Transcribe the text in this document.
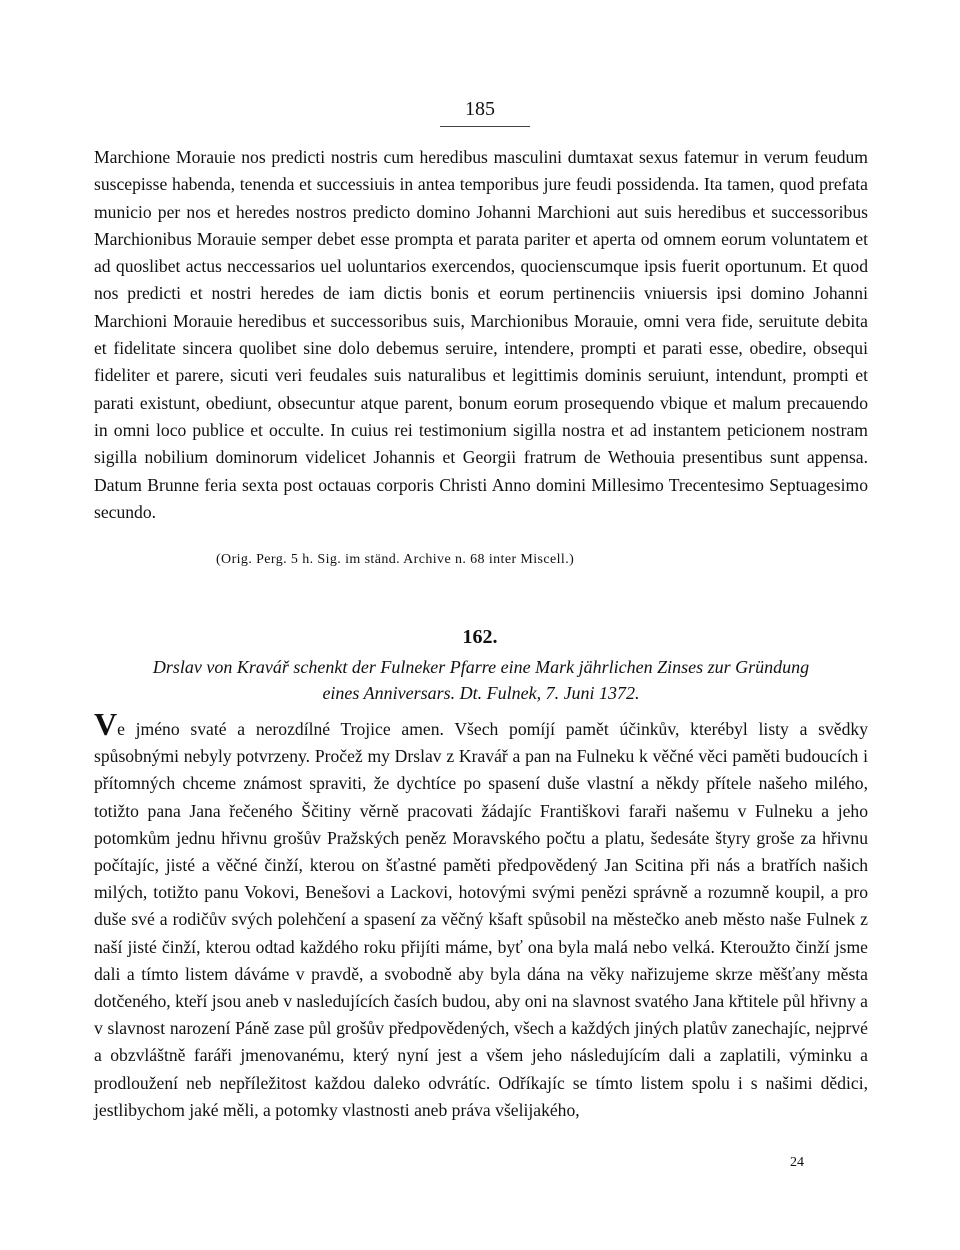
185
Marchione Morauie nos predicti nostris cum heredibus masculini dumtaxat sexus fatemur in verum feudum suscepisse habenda, tenenda et successiuis in antea temporibus jure feudi possidenda. Ita tamen, quod prefata municio per nos et heredes nostros predicto domino Johanni Marchioni aut suis heredibus et successoribus Marchionibus Morauie semper debet esse prompta et parata pariter et aperta od omnem eorum voluntatem et ad quoslibet actus neccessarios uel uoluntarios exercendos, quocienscumque ipsis fuerit oportunum. Et quod nos predicti et nostri heredes de iam dictis bonis et eorum pertinenciis vniuersis ipsi domino Johanni Marchioni Morauie heredibus et successoribus suis, Marchionibus Morauie, omni vera fide, seruitute debita et fidelitate sincera quolibet sine dolo debemus seruire, intendere, prompti et parati esse, obedire, obsequi fideliter et parere, sicuti veri feudales suis naturalibus et legittimis dominis seruiunt, intendunt, prompti et parati existunt, obediunt, obsecuntur atque parent, bonum eorum prosequendo vbique et malum precauendo in omni loco publice et occulte. In cuius rei testimonium sigilla nostra et ad instantem peticionem nostram sigilla nobilium dominorum videlicet Johannis et Georgii fratrum de Wethouia presentibus sunt appensa. Datum Brunne feria sexta post octauas corporis Christi Anno domini Millesimo Trecentesimo Septuagesimo secundo.
(Orig. Perg. 5 h. Sig. im ständ. Archive n. 68 inter Miscell.)
162.
Drslav von Kravář schenkt der Fulneker Pfarre eine Mark jährlichen Zinses zur Gründung
eines Anniversars. Dt. Fulnek, 7. Juni 1372.
Ve jméno svaté a nerozdílné Trojice amen. Všech pomíjí pamět účinkův, kterébyl listy a svědky spůsobnými nebyly potvrzeny. Pročež my Drslav z Kravář a pan na Fulneku k věčné věci paměti budoucích i přítomných chceme známost spraviti, že dychtíce po spasení duše vlastní a někdy přítele našeho milého, totižto pana Jana řečeného Ščitiny věrně pracovati žádajíc Františkovi faraři našemu v Fulneku a jeho potomkům jednu hřivnu grošův Pražských peněz Moravského počtu a platu, šedesáte štyry groše za hřivnu počítajíc, jisté a věčné činží, kterou on šťastné paměti předpovědený Jan Scitina při nás a bratřích našich milých, totižto panu Vokovi, Benešovi a Lackovi, hotovými svými penězi správně a rozumně koupil, a pro duše své a rodičův svých polehčení a spasení za věčný kšaft spůsobil na městečko aneb město naše Fulnek z naší jisté činží, kterou odtad každého roku přijíti máme, byť ona byla malá nebo velká. Kteroužto činží jsme dali a tímto listem dáváme v pravdě, a svobodně aby byla dána na věky nařizujeme skrze měšťany města dotčeného, kteří jsou aneb v nasledujících časích budou, aby oni na slavnost svatého Jana křtitele půl hřivny a v slavnost narození Páně zase půl grošův předpovědených, všech a každých jiných platův zanechajíc, nejprvé a obzvláštně faráři jmenovanému, který nyní jest a všem jeho následujícím dali a zaplatili, výminku a prodloužení neb nepříležitost každou daleko odvrátíc. Odříkajíc se tímto listem spolu i s našimi dědici, jestlibychom jaké měli, a potomky vlastnosti aneb práva všelijakého,
24
